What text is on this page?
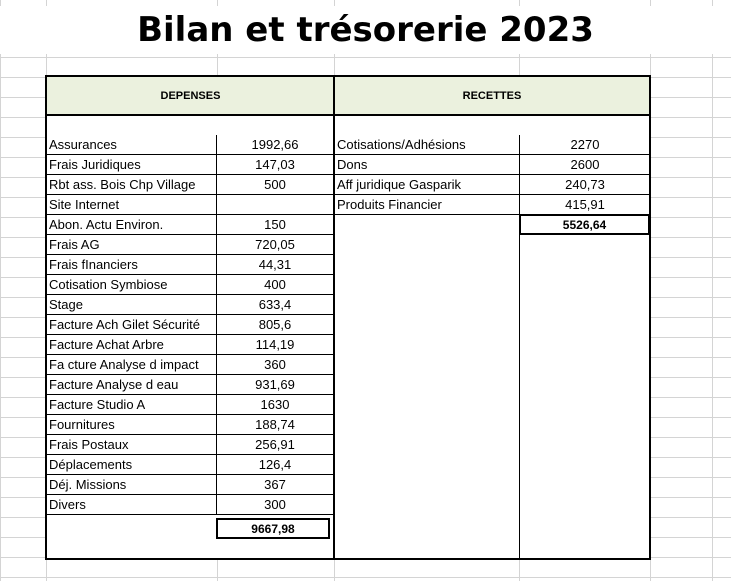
Bilan et trésorerie 2023
DEPENSES
Assurances	1992,66
Frais Juridiques	147,03
Rbt ass. Bois Chp Village	500
Site Internet
Abon. Actu Environ.	150
Frais AG	720,05
Frais fInanciers	44,31
Cotisation Symbiose	400
Stage	633,4
Facture Ach Gilet Sécurité	805,6
Facture Achat Arbre	114,19
Fa cture Analyse d impact	360
Facture Analyse d eau	931,69
Facture Studio A	1630
Fournitures	188,74
Frais Postaux	256,91
Déplacements	126,4
Déj. Missions	367
Divers	300
9667,98
RECETTES
Cotisations/Adhésions	2270
Dons	2600
Aff juridique Gasparik	240,73
Produits Financier	415,91
5526,64
